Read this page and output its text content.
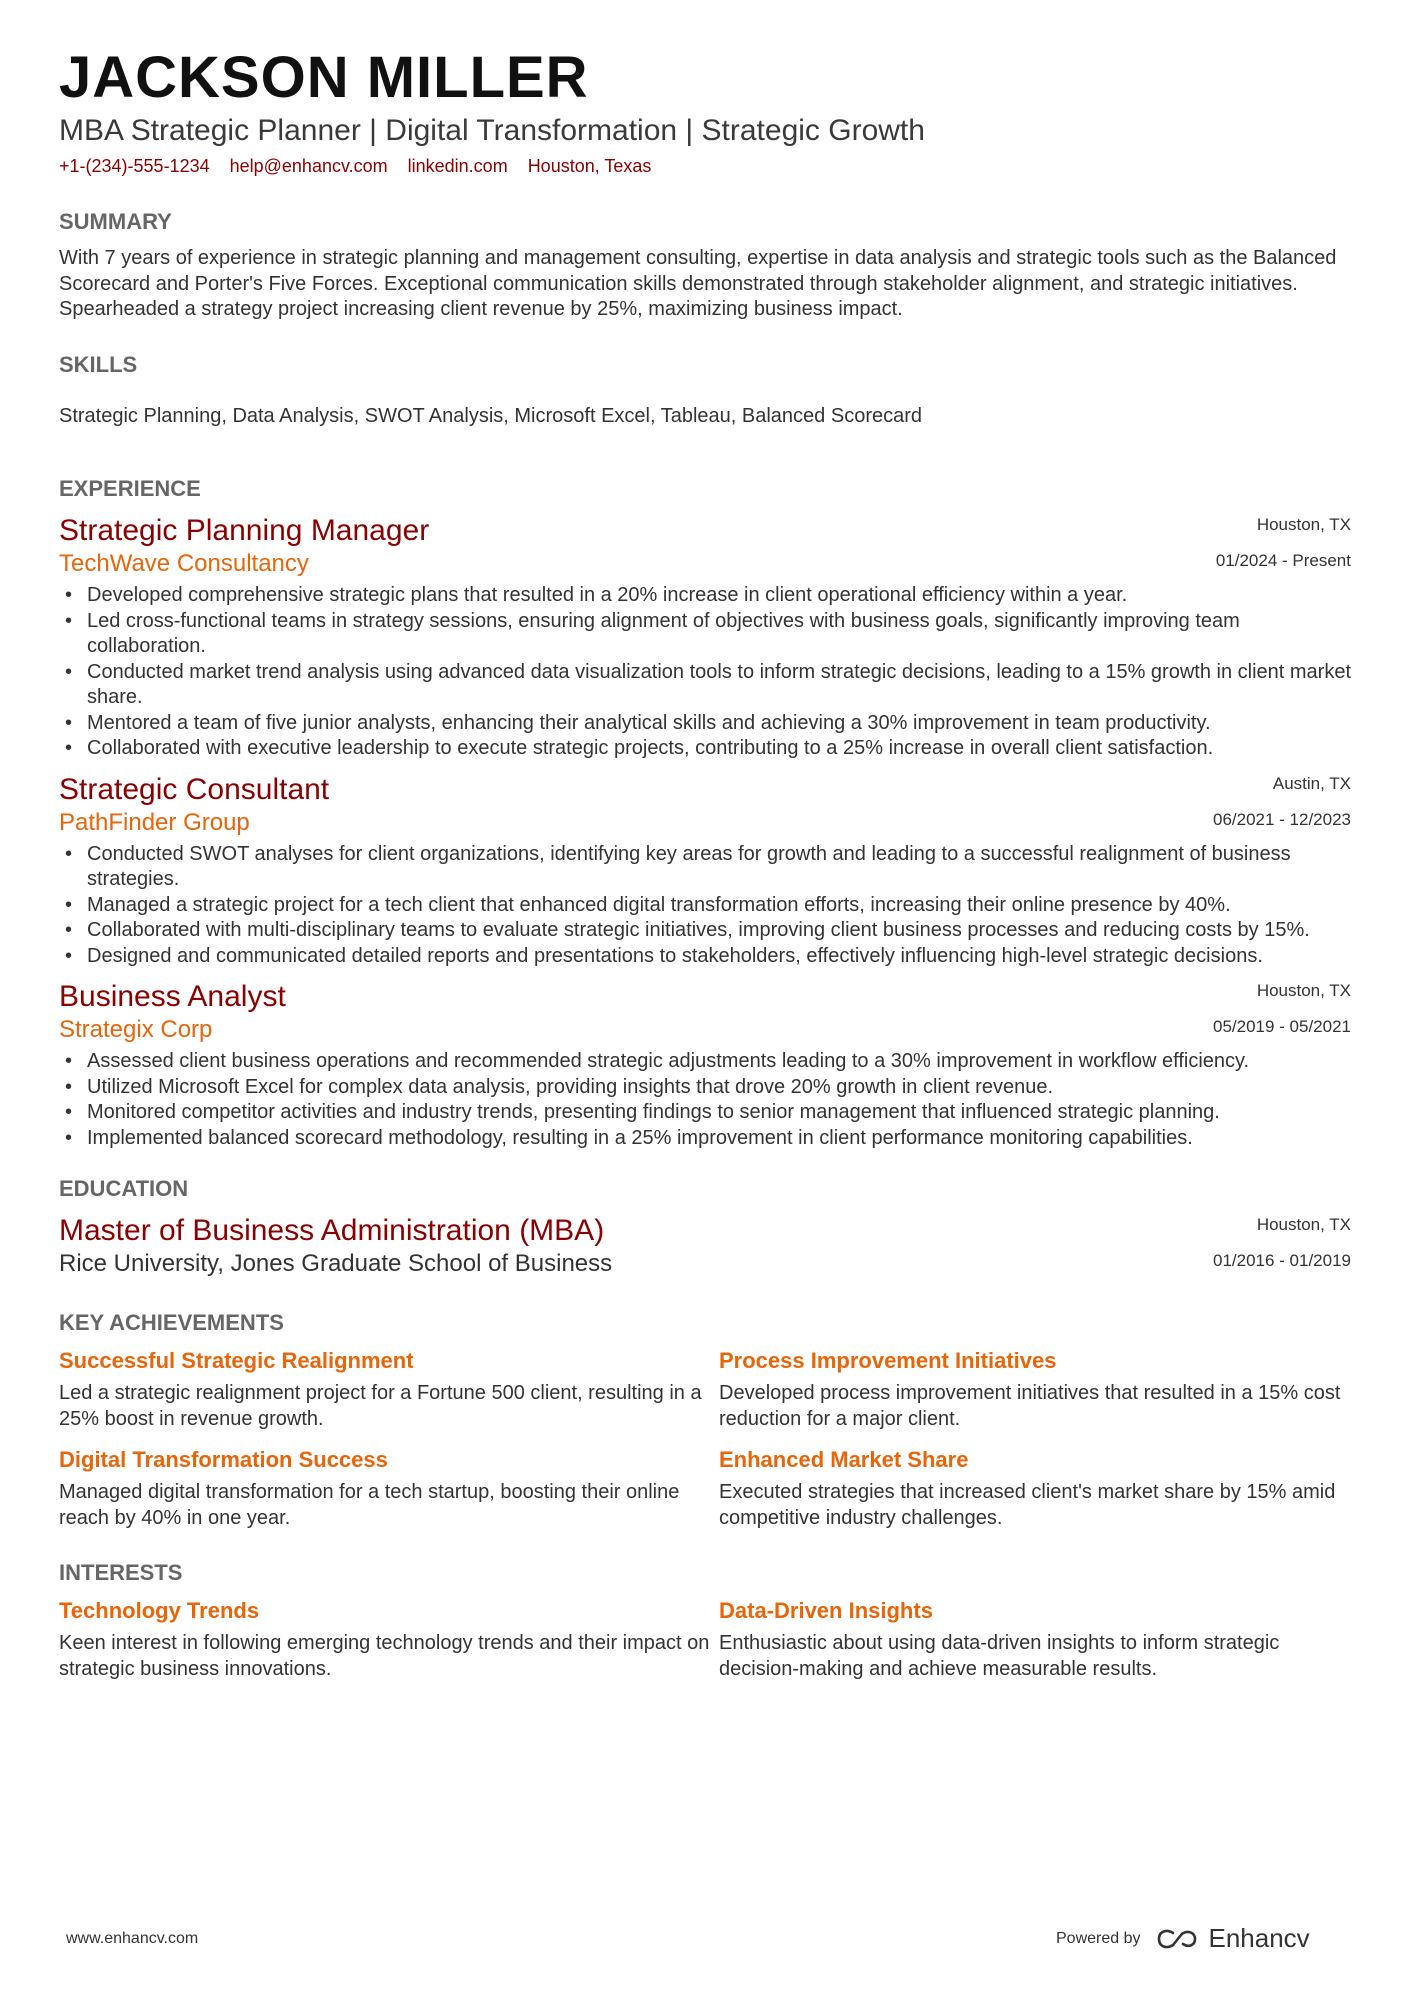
JACKSON MILLER
MBA Strategic Planner | Digital Transformation | Strategic Growth
+1-(234)-555-1234 help@enhancv.com linkedin.com Houston, Texas
SUMMARY
With 7 years of experience in strategic planning and management consulting, expertise in data analysis and strategic tools such as the Balanced Scorecard and Porter's Five Forces. Exceptional communication skills demonstrated through stakeholder alignment, and strategic initiatives. Spearheaded a strategy project increasing client revenue by 25%, maximizing business impact.
SKILLS
Strategic Planning, Data Analysis, SWOT Analysis, Microsoft Excel, Tableau, Balanced Scorecard
EXPERIENCE
Strategic Planning Manager
TechWave Consultancy
Houston, TX
01/2024 - Present
• Developed comprehensive strategic plans that resulted in a 20% increase in client operational efficiency within a year.
• Led cross-functional teams in strategy sessions, ensuring alignment of objectives with business goals, significantly improving team collaboration.
• Conducted market trend analysis using advanced data visualization tools to inform strategic decisions, leading to a 15% growth in client market share.
• Mentored a team of five junior analysts, enhancing their analytical skills and achieving a 30% improvement in team productivity.
• Collaborated with executive leadership to execute strategic projects, contributing to a 25% increase in overall client satisfaction.
Strategic Consultant
PathFinder Group
Austin, TX
06/2021 - 12/2023
• Conducted SWOT analyses for client organizations, identifying key areas for growth and leading to a successful realignment of business strategies.
• Managed a strategic project for a tech client that enhanced digital transformation efforts, increasing their online presence by 40%.
• Collaborated with multi-disciplinary teams to evaluate strategic initiatives, improving client business processes and reducing costs by 15%.
• Designed and communicated detailed reports and presentations to stakeholders, effectively influencing high-level strategic decisions.
Business Analyst
Strategix Corp
Houston, TX
05/2019 - 05/2021
• Assessed client business operations and recommended strategic adjustments leading to a 30% improvement in workflow efficiency.
• Utilized Microsoft Excel for complex data analysis, providing insights that drove 20% growth in client revenue.
• Monitored competitor activities and industry trends, presenting findings to senior management that influenced strategic planning.
• Implemented balanced scorecard methodology, resulting in a 25% improvement in client performance monitoring capabilities.
EDUCATION
Master of Business Administration (MBA)
Rice University, Jones Graduate School of Business
Houston, TX
01/2016 - 01/2019
KEY ACHIEVEMENTS
Successful Strategic Realignment
Led a strategic realignment project for a Fortune 500 client, resulting in a 25% boost in revenue growth.
Process Improvement Initiatives
Developed process improvement initiatives that resulted in a 15% cost reduction for a major client.
Digital Transformation Success
Managed digital transformation for a tech startup, boosting their online reach by 40% in one year.
Enhanced Market Share
Executed strategies that increased client's market share by 15% amid competitive industry challenges.
INTERESTS
Technology Trends
Keen interest in following emerging technology trends and their impact on strategic business innovations.
Data-Driven Insights
Enthusiastic about using data-driven insights to inform strategic decision-making and achieve measurable results.
www.enhancv.com	Powered by	Enhancv
